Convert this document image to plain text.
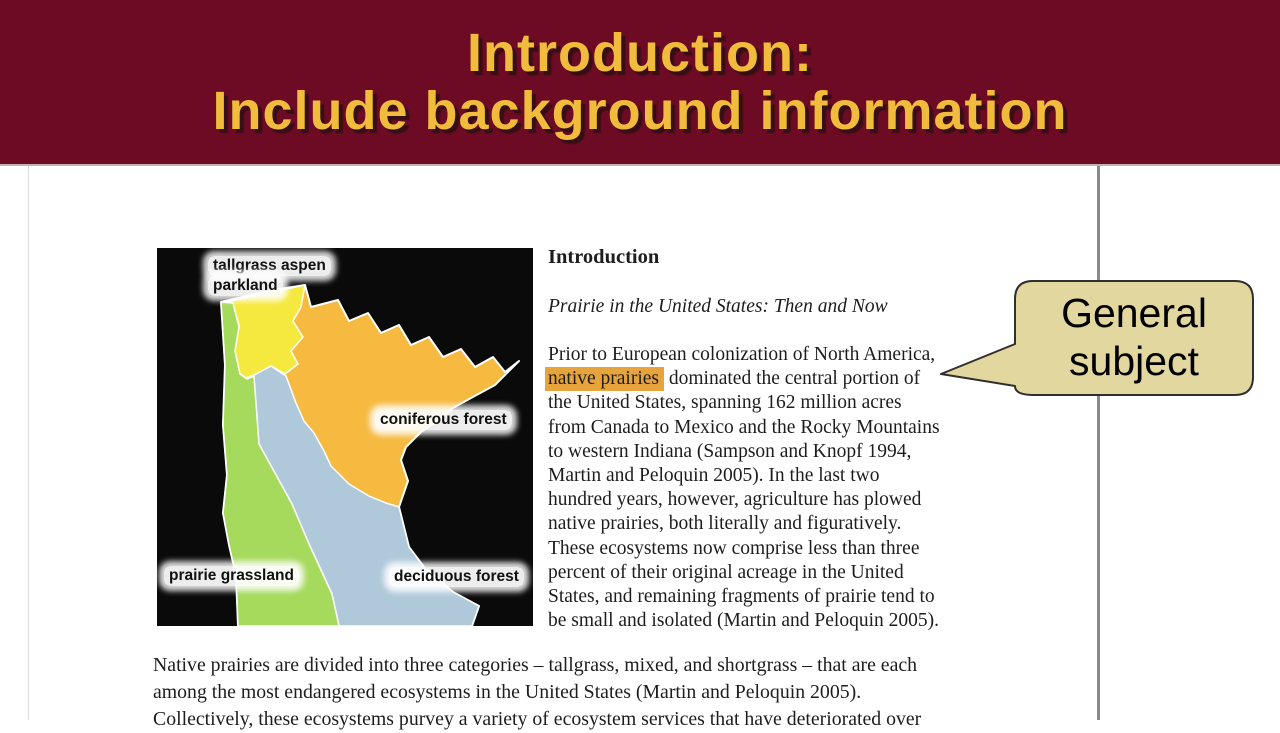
Introduction:
Include background information
tallgrass aspen
parkland
coniferous forest
prairie grassland	deciduous forest
Introduction
Prairie in the United States: Then and Now
Prior to European colonization of North America,
native prairies dominated the central portion of
the United States, spanning 162 million acres
from Canada to Mexico and the Rocky Mountains
to western Indiana (Sampson and Knopf 1994,
Martin and Peloquin 2005). In the last two
hundred years, however, agriculture has plowed
native prairies, both literally and figuratively.
These ecosystems now comprise less than three
percent of their original acreage in the United
States, and remaining fragments of prairie tend to
be small and isolated (Martin and Peloquin 2005).
Native prairies are divided into three categories – tallgrass, mixed, and shortgrass – that are each
among the most endangered ecosystems in the United States (Martin and Peloquin 2005).
Collectively, these ecosystems purvey a variety of ecosystem services that have deteriorated over
General
subject
